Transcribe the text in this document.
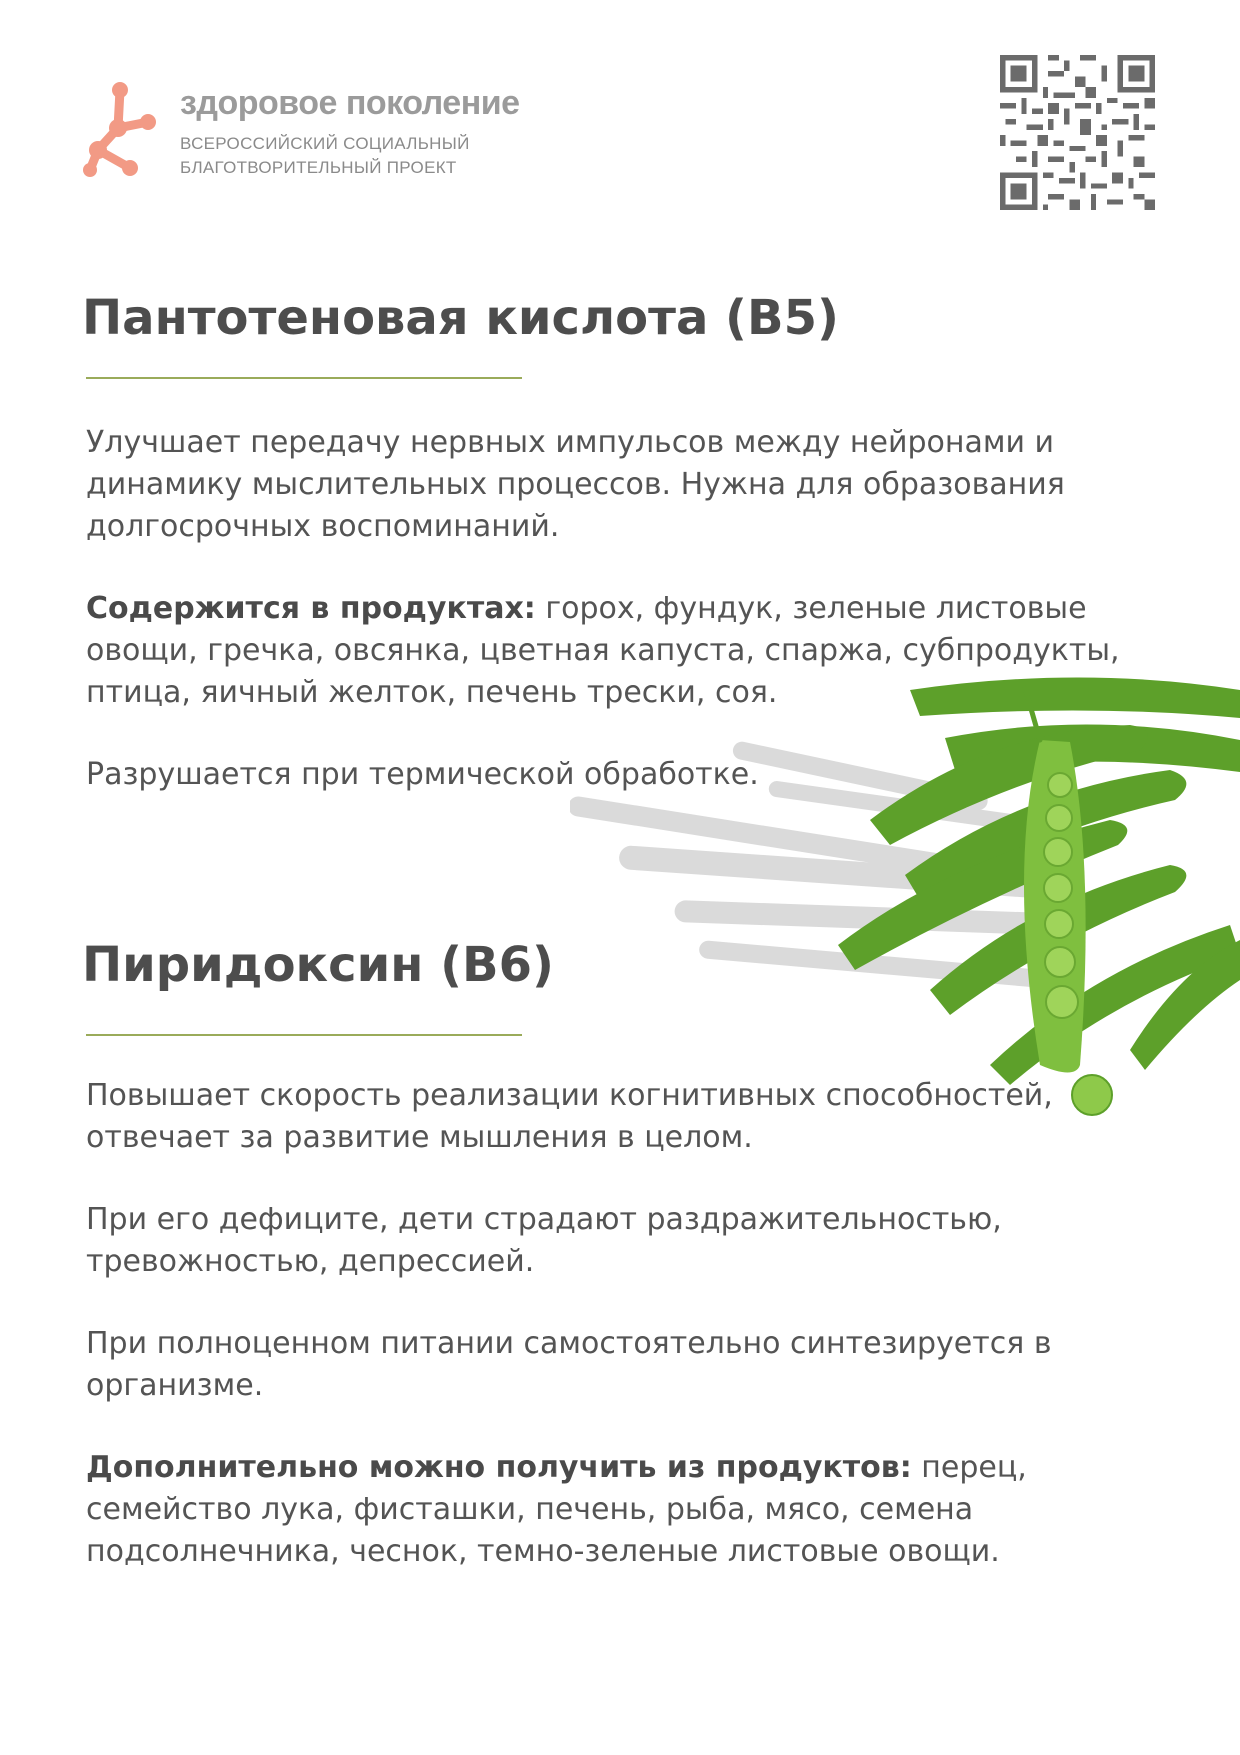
здоровое поколение
ВСЕРОССИЙСКИЙ СОЦИАЛЬНЫЙ
БЛАГОТВОРИТЕЛЬНЫЙ ПРОЕКТ
Пантотеновая кислота (B5)

Улучшает передачу нервных импульсов между нейронами и динамику мыслительных процессов. Нужна для образования долгосрочных воспоминаний.

Содержится в продуктах: горох, фундук, зеленые листовые овощи, гречка, овсянка, цветная капуста, спаржа, субпродукты, птица, яичный желток, печень трески, соя.

Разрушается при термической обработке.

Пиридоксин (B6)

Повышает скорость реализации когнитивных способностей, отвечает за развитие мышления в целом.

При его дефиците, дети страдают раздражительностью, тревожностью, депрессией.

При полноценном питании самостоятельно синтезируется в организме.

Дополнительно можно получить из продуктов: перец, семейство лука, фисташки, печень, рыба, мясо, семена подсолнечника, чеснок, темно-зеленые листовые овощи.
